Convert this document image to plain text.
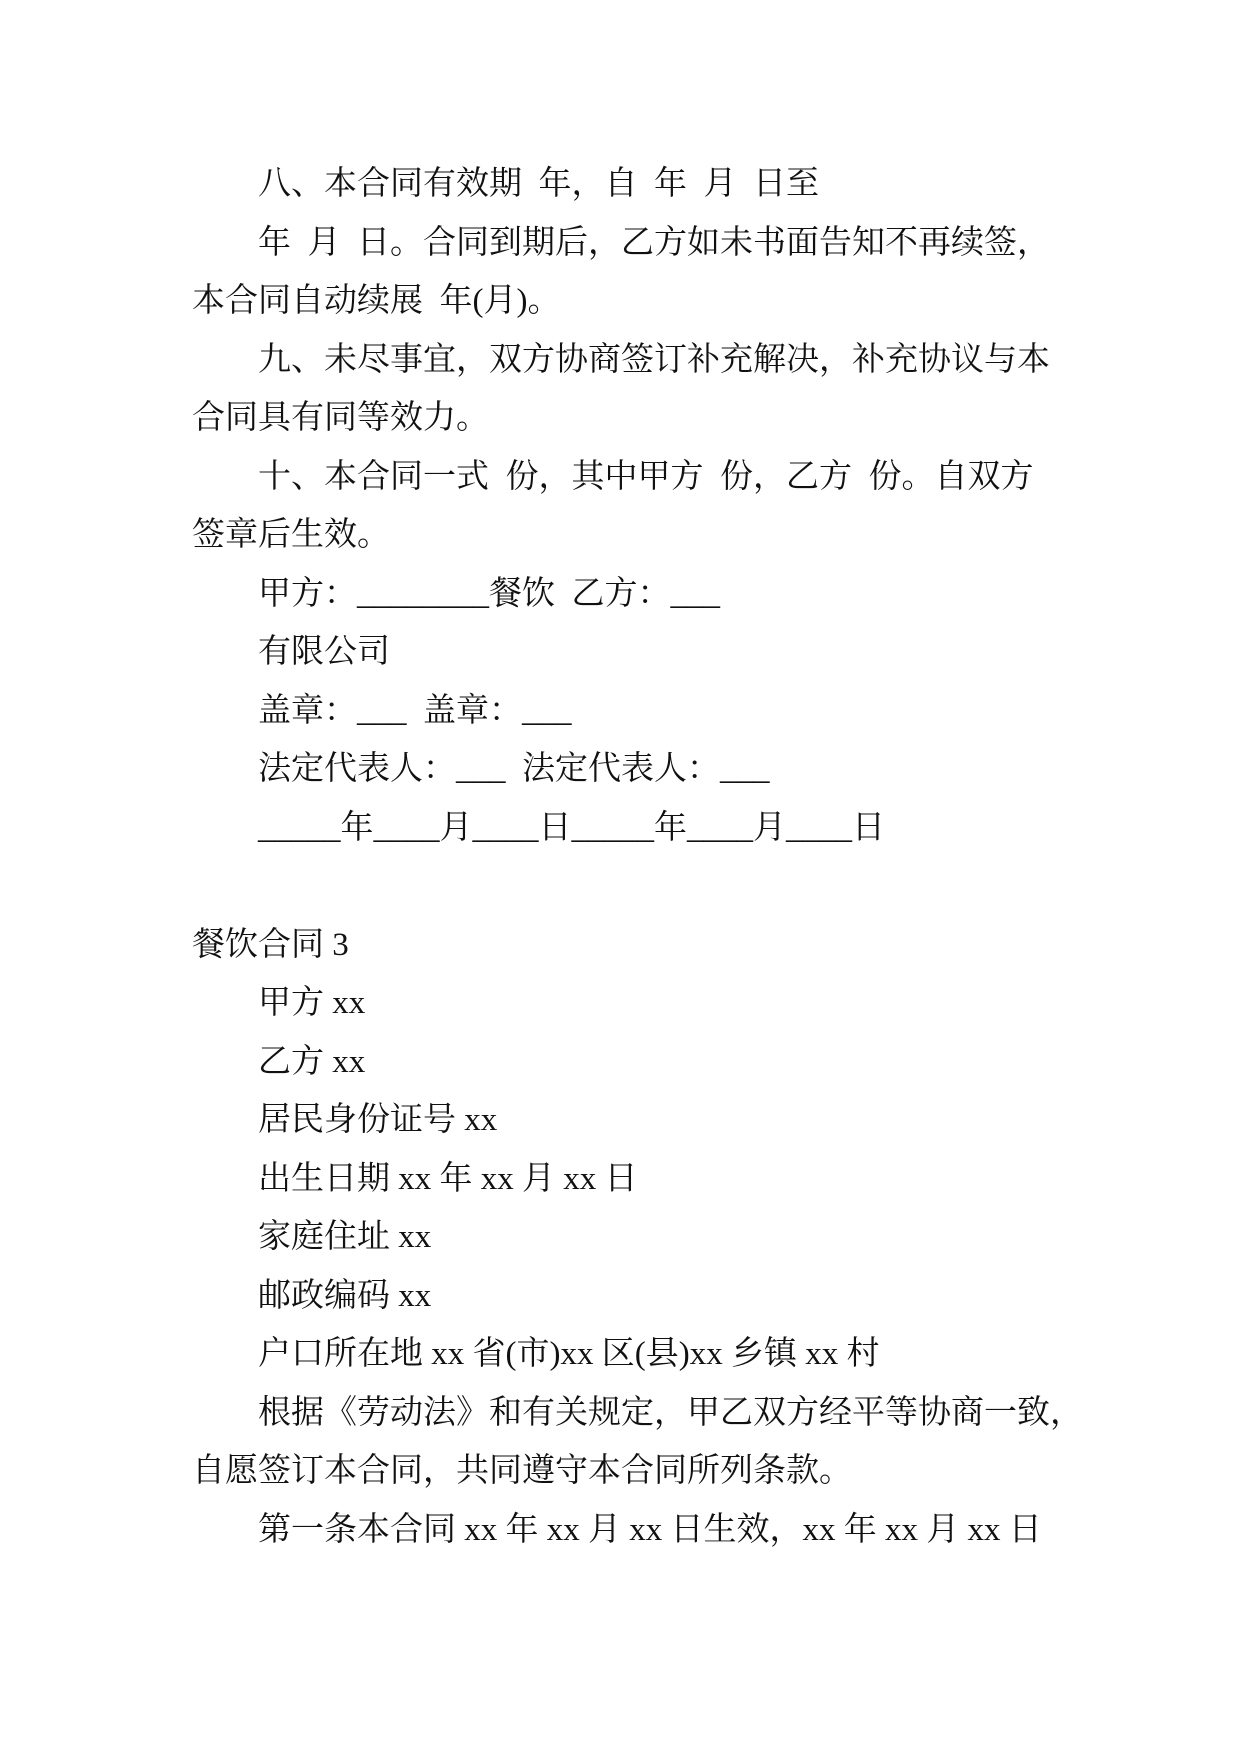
八、本合同有效期  年，自  年  月  日至
年  月  日。合同到期后，乙方如未书面告知不再续签，
本合同自动续展  年(月)。
九、未尽事宜，双方协商签订补充解决，补充协议与本
合同具有同等效力。
十、本合同一式  份，其中甲方  份，乙方  份。自双方
签章后生效。
甲方：________餐饮  乙方：___
有限公司
盖章：___  盖章：___
法定代表人：___  法定代表人：___
_____年____月____日_____年____月____日
餐饮合同 3
甲方 xx
乙方 xx
居民身份证号 xx
出生日期 xx 年 xx 月 xx 日
家庭住址 xx
邮政编码 xx
户口所在地 xx 省(市)xx 区(县)xx 乡镇 xx 村
根据《劳动法》和有关规定，甲乙双方经平等协商一致，
自愿签订本合同，共同遵守本合同所列条款。
第一条本合同 xx 年 xx 月 xx 日生效，xx 年 xx 月 xx 日
